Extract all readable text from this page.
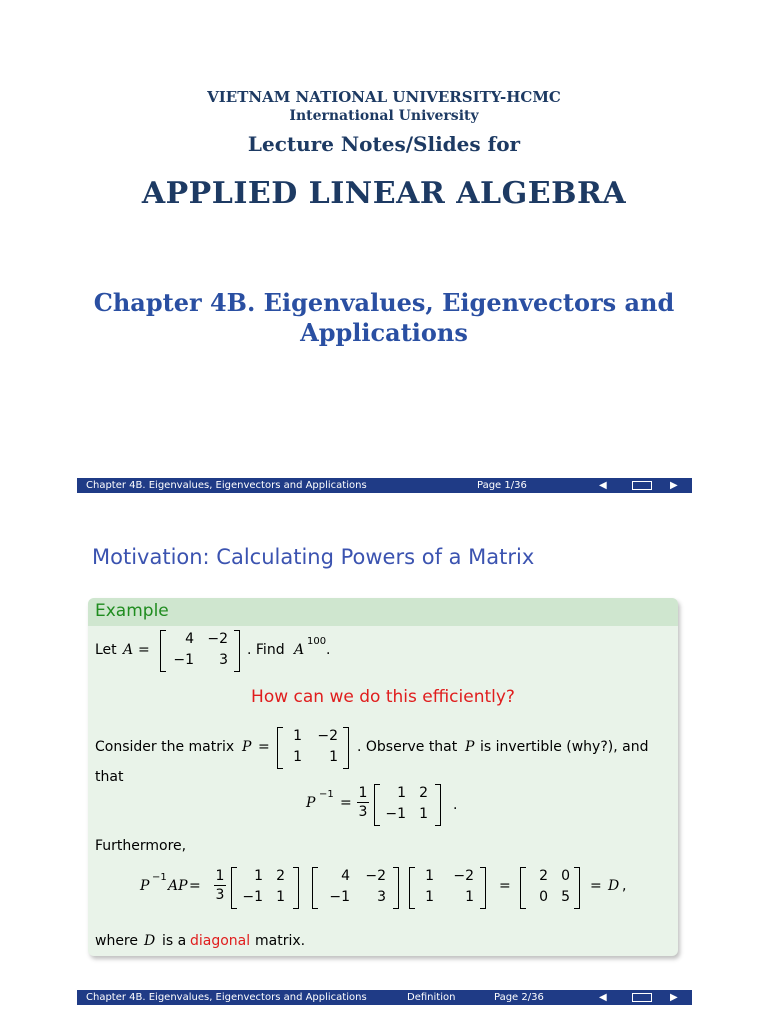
VIETNAM NATIONAL UNIVERSITY-HCMC
International University
Lecture Notes/Slides for
APPLIED LINEAR ALGEBRA
Chapter 4B. Eigenvalues, Eigenvectors and
Applications
Chapter 4B. Eigenvalues, Eigenvectors and Applications	Page 1/36	◀	▶
Motivation: Calculating Powers of a Matrix
Example
Let A =
4 −2
−1	3
. Find A
100
.
How can we do this efficiently?
Consider the matrix P =
1 −2
1	1
. Observe that P is invertible (why?), and
that
P
−1
=
1
3
1 2
−1 1
.
Furthermore,
P
−1
AP =
1
3
1 2
−1 1
4 −2
−1	3
1 −2
1	1
=
2 0
0 5
= D ,
where D is a diagonal matrix.
Chapter 4B. Eigenvalues, Eigenvectors and Applications	Definition	Page 2/36	◀	▶
